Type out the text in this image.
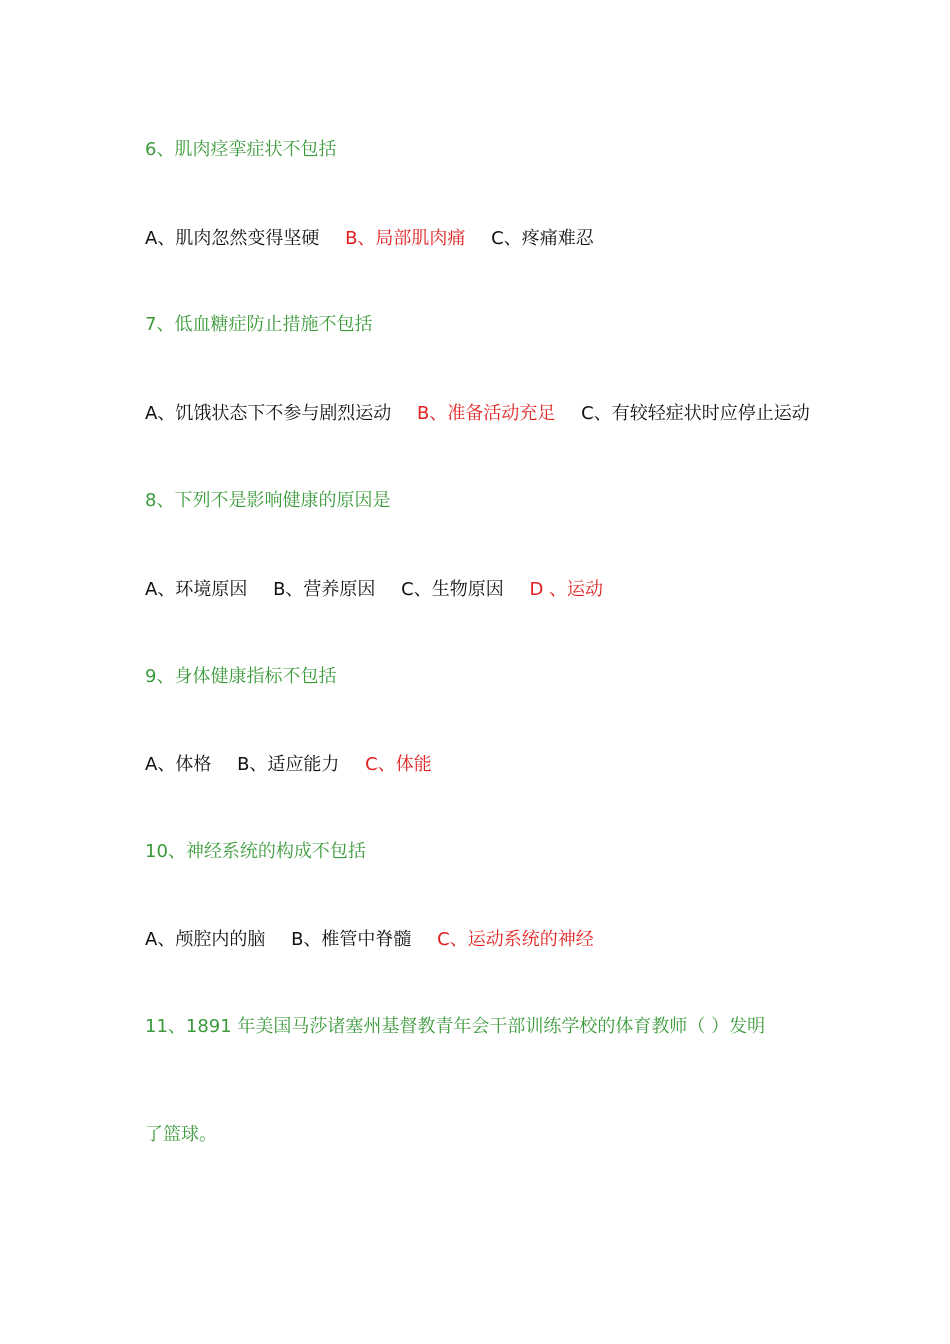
6、肌肉痉挛症状不包括
A、肌肉忽然变得坚硬 B、局部肌肉痛 C、疼痛难忍
7、低血糖症防止措施不包括
A、饥饿状态下不参与剧烈运动 B、准备活动充足 C、有较轻症状时应停止运动
8、下列不是影响健康的原因是
A、环境原因 B、营养原因 C、生物原因 D 、运动
9、身体健康指标不包括
A、体格 B、适应能力 C、体能
10、神经系统的构成不包括
A、颅腔内的脑 B、椎管中脊髓 C、运动系统的神经
11、1891 年美国马莎诸塞州基督教青年会干部训练学校的体育教师（ ）发明
了篮球。
